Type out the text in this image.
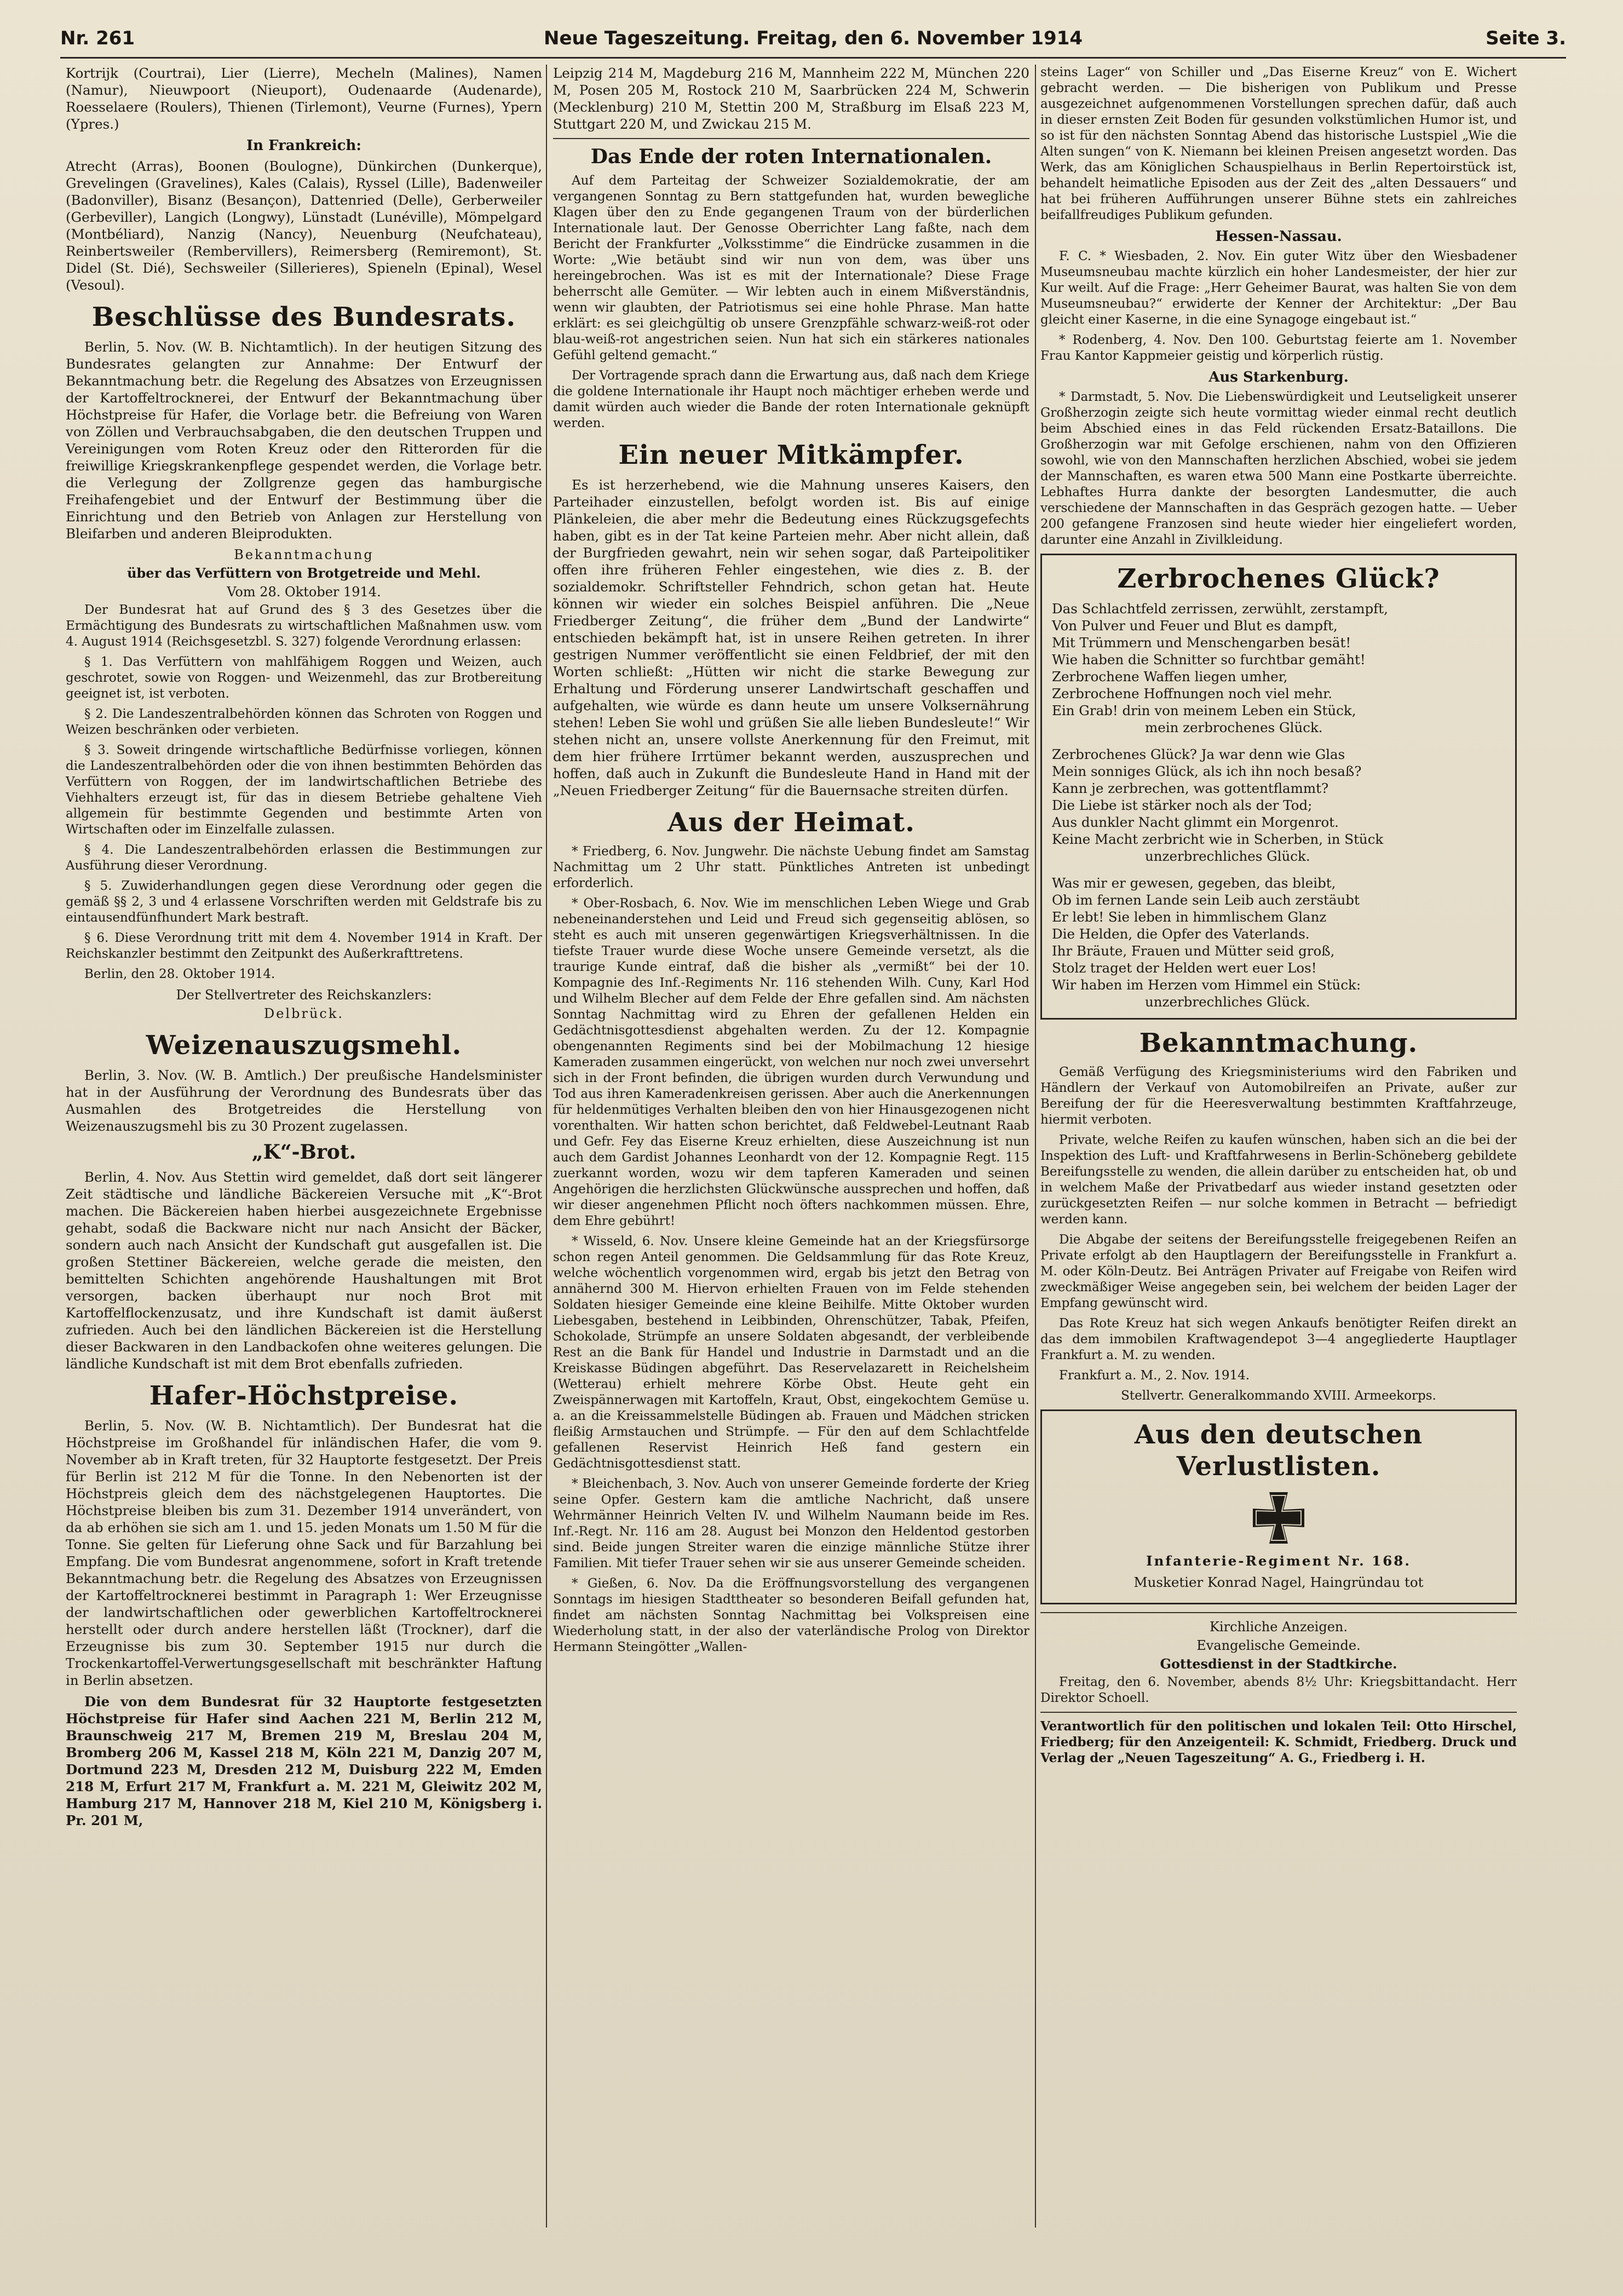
Nr. 261	Neue Tageszeitung. Freitag, den 6. November 1914	Seite 3.

Kortrijk (Courtrai), Lier (Lierre), Mecheln (Malines), Namen (Namur), Nieuwpoort (Nieuport), Oudenaarde (Audenarde), Roesselaere (Roulers), Thienen (Tirlemont), Veurne (Furnes), Ypern (Ypres.)

In Frankreich:

Atrecht (Arras), Boonen (Boulogne), Dünkirchen (Dunkerque), Grevelingen (Gravelines), Kales (Calais), Ryssel (Lille), Badenweiler (Badonviller), Bisanz (Besançon), Dattenried (Delle), Gerberweiler (Gerbeviller), Langich (Longwy), Lünstadt (Lunéville), Mömpelgard (Montbéliard), Nanzig (Nancy), Neuenburg (Neufchateau), Reinbertsweiler (Rembervillers), Reimersberg (Remiremont), St. Didel (St. Dié), Sechsweiler (Sillerieres), Spieneln (Epinal), Wesel (Vesoul).

Beschlüsse des Bundesrats.

Berlin, 5. Nov. (W. B. Nichtamtlich). In der heutigen Sitzung des Bundesrates gelangten zur Annahme: Der Entwurf der Bekanntmachung betr. die Regelung des Absatzes von Erzeugnissen der Kartoffeltrocknerei, der Entwurf der Bekanntmachung über Höchstpreise für Hafer, die Vorlage betr. die Befreiung von Waren von Zöllen und Verbrauchsabgaben, die den deutschen Truppen und Vereinigungen vom Roten Kreuz oder den Ritterorden für die freiwillige Kriegskrankenpflege gespendet werden, die Vorlage betr. die Verlegung der Zollgrenze gegen das hamburgische Freihafengebiet und der Entwurf der Bestimmung über die Einrichtung und den Betrieb von Anlagen zur Herstellung von Bleifarben und anderen Bleiprodukten.

Bekanntmachung
über das Verfüttern von Brotgetreide und Mehl.
Vom 28. Oktober 1914.

Der Bundesrat hat auf Grund des § 3 des Gesetzes über die Ermächtigung des Bundesrats zu wirtschaftlichen Maßnahmen usw. vom 4. August 1914 (Reichsgesetzbl. S. 327) folgende Verordnung erlassen:

§ 1. Das Verfüttern von mahlfähigem Roggen und Weizen, auch geschrotet, sowie von Roggen- und Weizenmehl, das zur Brotbereitung geeignet ist, ist verboten.

§ 2. Die Landeszentralbehörden können das Schroten von Roggen und Weizen beschränken oder verbieten.

§ 3. Soweit dringende wirtschaftliche Bedürfnisse vorliegen, können die Landeszentralbehörden oder die von ihnen bestimmten Behörden das Verfüttern von Roggen, der im landwirtschaftlichen Betriebe des Viehhalters erzeugt ist, für das in diesem Betriebe gehaltene Vieh allgemein für bestimmte Gegenden und bestimmte Arten von Wirtschaften oder im Einzelfalle zulassen.

§ 4. Die Landeszentralbehörden erlassen die Bestimmungen zur Ausführung dieser Verordnung.

§ 5. Zuwiderhandlungen gegen diese Verordnung oder gegen die gemäß §§ 2, 3 und 4 erlassene Vorschriften werden mit Geldstrafe bis zu eintausendfünfhundert Mark bestraft.

§ 6. Diese Verordnung tritt mit dem 4. November 1914 in Kraft. Der Reichskanzler bestimmt den Zeitpunkt des Außerkrafttretens.

Berlin, den 28. Oktober 1914.

Der Stellvertreter des Reichskanzlers:
Delbrück.
Weizenauszugsmehl.

Berlin, 3. Nov. (W. B. Amtlich.) Der preußische Handelsminister hat in der Ausführung der Verordnung des Bundesrats über das Ausmahlen des Brotgetreides die Herstellung von Weizenauszugsmehl bis zu 30 Prozent zugelassen.

„K“-Brot.

Berlin, 4. Nov. Aus Stettin wird gemeldet, daß dort seit längerer Zeit städtische und ländliche Bäckereien Versuche mit „K“-Brot machen. Die Bäckereien haben hierbei ausgezeichnete Ergebnisse gehabt, sodaß die Backware nicht nur nach Ansicht der Bäcker, sondern auch nach Ansicht der Kundschaft gut ausgefallen ist. Die großen Stettiner Bäckereien, welche gerade die meisten, den bemittelten Schichten angehörende Haushaltungen mit Brot versorgen, backen überhaupt nur noch Brot mit Kartoffelflockenzusatz, und ihre Kundschaft ist damit äußerst zufrieden. Auch bei den ländlichen Bäckereien ist die Herstellung dieser Backwaren in den Landbackofen ohne weiteres gelungen. Die ländliche Kundschaft ist mit dem Brot ebenfalls zufrieden.

Hafer-Höchstpreise.

Berlin, 5. Nov. (W. B. Nichtamtlich). Der Bundesrat hat die Höchstpreise im Großhandel für inländischen Hafer, die vom 9. November ab in Kraft treten, für 32 Hauptorte festgesetzt. Der Preis für Berlin ist 212 M für die Tonne. In den Nebenorten ist der Höchstpreis gleich dem des nächstgelegenen Hauptortes. Die Höchstpreise bleiben bis zum 31. Dezember 1914 unverändert, von da ab erhöhen sie sich am 1. und 15. jeden Monats um 1.50 M für die Tonne. Sie gelten für Lieferung ohne Sack und für Barzahlung bei Empfang. Die vom Bundesrat angenommene, sofort in Kraft tretende Bekanntmachung betr. die Regelung des Absatzes von Erzeugnissen der Kartoffeltrocknerei bestimmt in Paragraph 1: Wer Erzeugnisse der landwirtschaftlichen oder gewerblichen Kartoffeltrocknerei herstellt oder durch andere herstellen läßt (Trockner), darf die Erzeugnisse bis zum 30. September 1915 nur durch die Trockenkartoffel-Verwertungsgesellschaft mit beschränkter Haftung in Berlin absetzen.

Die von dem Bundesrat für 32 Hauptorte festgesetzten Höchstpreise für Hafer sind Aachen 221 M, Berlin 212 M, Braunschweig 217 M, Bremen 219 M, Breslau 204 M, Bromberg 206 M, Kassel 218 M, Köln 221 M, Danzig 207 M, Dortmund 223 M, Dresden 212 M, Duisburg 222 M, Emden 218 M, Erfurt 217 M, Frankfurt a. M. 221 M, Gleiwitz 202 M, Hamburg 217 M, Hannover 218 M, Kiel 210 M, Königsberg i. Pr. 201 M,

Leipzig 214 M, Magdeburg 216 M, Mannheim 222 M, München 220 M, Posen 205 M, Rostock 210 M, Saarbrücken 224 M, Schwerin (Mecklenburg) 210 M, Stettin 200 M, Straßburg im Elsaß 223 M, Stuttgart 220 M, und Zwickau 215 M.

Das Ende der roten Internationalen.

Auf dem Parteitag der Schweizer Sozialdemokratie, der am vergangenen Sonntag zu Bern stattgefunden hat, wurden bewegliche Klagen über den zu Ende gegangenen Traum von der bürderlichen Internationale laut. Der Genosse Oberrichter Lang faßte, nach dem Bericht der Frankfurter „Volksstimme“ die Eindrücke zusammen in die Worte: „Wie betäubt sind wir nun von dem, was über uns hereingebrochen. Was ist es mit der Internationale? Diese Frage beherrscht alle Gemüter. — Wir lebten auch in einem Mißverständnis, wenn wir glaubten, der Patriotismus sei eine hohle Phrase. Man hatte erklärt: es sei gleichgültig ob unsere Grenzpfähle schwarz-weiß-rot oder blau-weiß-rot angestrichen seien. Nun hat sich ein stärkeres nationales Gefühl geltend gemacht.“

Der Vortragende sprach dann die Erwartung aus, daß nach dem Kriege die goldene Internationale ihr Haupt noch mächtiger erheben werde und damit würden auch wieder die Bande der roten Internationale geknüpft werden.

Ein neuer Mitkämpfer.

Es ist herzerhebend, wie die Mahnung unseres Kaisers, den Parteihader einzustellen, befolgt worden ist. Bis auf einige Plänkeleien, die aber mehr die Bedeutung eines Rückzugsgefechts haben, gibt es in der Tat keine Parteien mehr. Aber nicht allein, daß der Burgfrieden gewahrt, nein wir sehen sogar, daß Parteipolitiker offen ihre früheren Fehler eingestehen, wie dies z. B. der sozialdemokr. Schriftsteller Fehndrich, schon getan hat. Heute können wir wieder ein solches Beispiel anführen. Die „Neue Friedberger Zeitung“, die früher dem „Bund der Landwirte“ entschieden bekämpft hat, ist in unsere Reihen getreten. In ihrer gestrigen Nummer veröffentlicht sie einen Feldbrief, der mit den Worten schließt: „Hütten wir nicht die starke Bewegung zur Erhaltung und Förderung unserer Landwirtschaft geschaffen und aufgehalten, wie würde es dann heute um unsere Volksernährung stehen! Leben Sie wohl und grüßen Sie alle lieben Bundesleute!“ Wir stehen nicht an, unsere vollste Anerkennung für den Freimut, mit dem hier frühere Irrtümer bekannt werden, auszusprechen und hoffen, daß auch in Zukunft die Bundesleute Hand in Hand mit der „Neuen Friedberger Zeitung“ für die Bauernsache streiten dürfen.

Aus der Heimat.

* Friedberg, 6. Nov. Jungwehr. Die nächste Uebung findet am Samstag Nachmittag um 2 Uhr statt. Pünktliches Antreten ist unbedingt erforderlich.

* Ober-Rosbach, 6. Nov. Wie im menschlichen Leben Wiege und Grab nebeneinanderstehen und Leid und Freud sich gegenseitig ablösen, so steht es auch mit unseren gegenwärtigen Kriegsverhältnissen. In die tiefste Trauer wurde diese Woche unsere Gemeinde versetzt, als die traurige Kunde eintraf, daß die bisher als „vermißt“ bei der 10. Kompagnie des Inf.-Regiments Nr. 116 stehenden Wilh. Cuny, Karl Hod und Wilhelm Blecher auf dem Felde der Ehre gefallen sind. Am nächsten Sonntag Nachmittag wird zu Ehren der gefallenen Helden ein Gedächtnisgottesdienst abgehalten werden. Zu der 12. Kompagnie obengenannten Regiments sind bei der Mobilmachung 12 hiesige Kameraden zusammen eingerückt, von welchen nur noch zwei unversehrt sich in der Front befinden, die übrigen wurden durch Verwundung und Tod aus ihren Kameradenkreisen gerissen. Aber auch die Anerkennungen für heldenmütiges Verhalten bleiben den von hier Hinausgezogenen nicht vorenthalten. Wir hatten schon berichtet, daß Feldwebel-Leutnant Raab und Gefr. Fey das Eiserne Kreuz erhielten, diese Auszeichnung ist nun auch dem Gardist Johannes Leonhardt von der 12. Kompagnie Regt. 115 zuerkannt worden, wozu wir dem tapferen Kameraden und seinen Angehörigen die herzlichsten Glückwünsche aussprechen und hoffen, daß wir dieser angenehmen Pflicht noch öfters nachkommen müssen. Ehre, dem Ehre gebührt!

* Wisseld, 6. Nov. Unsere kleine Gemeinde hat an der Kriegsfürsorge schon regen Anteil genommen. Die Geldsammlung für das Rote Kreuz, welche wöchentlich vorgenommen wird, ergab bis jetzt den Betrag von annähernd 300 M. Hiervon erhielten Frauen von im Felde stehenden Soldaten hiesiger Gemeinde eine kleine Beihilfe. Mitte Oktober wurden Liebesgaben, bestehend in Leibbinden, Ohrenschützer, Tabak, Pfeifen, Schokolade, Strümpfe an unsere Soldaten abgesandt, der verbleibende Rest an die Bank für Handel und Industrie in Darmstadt und an die Kreiskasse Büdingen abgeführt. Das Reservelazarett in Reichelsheim (Wetterau) erhielt mehrere Körbe Obst. Heute geht ein Zweispännerwagen mit Kartoffeln, Kraut, Obst, eingekochtem Gemüse u. a. an die Kreissammelstelle Büdingen ab. Frauen und Mädchen stricken fleißig Armstauchen und Strümpfe. — Für den auf dem Schlachtfelde gefallenen Reservist Heinrich Heß fand gestern ein Gedächtnisgottesdienst statt.

* Bleichenbach, 3. Nov. Auch von unserer Gemeinde forderte der Krieg seine Opfer. Gestern kam die amtliche Nachricht, daß unsere Wehrmänner Heinrich Velten IV. und Wilhelm Naumann beide im Res. Inf.-Regt. Nr. 116 am 28. August bei Monzon den Heldentod gestorben sind. Beide jungen Streiter waren die einzige männliche Stütze ihrer Familien. Mit tiefer Trauer sehen wir sie aus unserer Gemeinde scheiden.

* Gießen, 6. Nov. Da die Eröffnungsvorstellung des vergangenen Sonntags im hiesigen Stadttheater so besonderen Beifall gefunden hat, findet am nächsten Sonntag Nachmittag bei Volkspreisen eine Wiederholung statt, in der also der vaterländische Prolog von Direktor Hermann Steingötter „Wallen-

steins Lager“ von Schiller und „Das Eiserne Kreuz“ von E. Wichert gebracht werden. — Die bisherigen von Publikum und Presse ausgezeichnet aufgenommenen Vorstellungen sprechen dafür, daß auch in dieser ernsten Zeit Boden für gesunden volkstümlichen Humor ist, und so ist für den nächsten Sonntag Abend das historische Lustspiel „Wie die Alten sungen“ von K. Niemann bei kleinen Preisen angesetzt worden. Das Werk, das am Königlichen Schauspielhaus in Berlin Repertoirstück ist, behandelt heimatliche Episoden aus der Zeit des „alten Dessauers“ und hat bei früheren Aufführungen unserer Bühne stets ein zahlreiches beifallfreudiges Publikum gefunden.

Hessen-Nassau.

F. C. * Wiesbaden, 2. Nov. Ein guter Witz über den Wiesbadener Museumsneubau machte kürzlich ein hoher Landesmeister, der hier zur Kur weilt. Auf die Frage: „Herr Geheimer Baurat, was halten Sie von dem Museumsneubau?“ erwiderte der Kenner der Architektur: „Der Bau gleicht einer Kaserne, in die eine Synagoge eingebaut ist.“

* Rodenberg, 4. Nov. Den 100. Geburtstag feierte am 1. November Frau Kantor Kappmeier geistig und körperlich rüstig.

Aus Starkenburg.

* Darmstadt, 5. Nov. Die Liebenswürdigkeit und Leutseligkeit unserer Großherzogin zeigte sich heute vormittag wieder einmal recht deutlich beim Abschied eines in das Feld rückenden Ersatz-Bataillons. Die Großherzogin war mit Gefolge erschienen, nahm von den Offizieren sowohl, wie von den Mannschaften herzlichen Abschied, wobei sie jedem der Mannschaften, es waren etwa 500 Mann eine Postkarte überreichte. Lebhaftes Hurra dankte der besorgten Landesmutter, die auch verschiedene der Mannschaften in das Gespräch gezogen hatte. — Ueber 200 gefangene Franzosen sind heute wieder hier eingeliefert worden, darunter eine Anzahl in Zivilkleidung.

Zerbrochenes Glück?

Das Schlachtfeld zerrissen, zerwühlt, zerstampft,

Von Pulver und Feuer und Blut es dampft,

Mit Trümmern und Menschengarben besät!

Wie haben die Schnitter so furchtbar gemäht!

Zerbrochene Waffen liegen umher,

Zerbrochene Hoffnungen noch viel mehr.

Ein Grab! drin von meinem Leben ein Stück,

mein zerbrochenes Glück.

Zerbrochenes Glück? Ja war denn wie Glas

Mein sonniges Glück, als ich ihn noch besaß?

Kann je zerbrechen, was gottentflammt?

Die Liebe ist stärker noch als der Tod;

Aus dunkler Nacht glimmt ein Morgenrot.

Keine Macht zerbricht wie in Scherben, in Stück

unzerbrechliches Glück.

Was mir er gewesen, gegeben, das bleibt,

Ob im fernen Lande sein Leib auch zerstäubt

Er lebt! Sie leben in himmlischem Glanz

Die Helden, die Opfer des Vaterlands.

Ihr Bräute, Frauen und Mütter seid groß,

Stolz traget der Helden wert euer Los!

Wir haben im Herzen vom Himmel ein Stück:

unzerbrechliches Glück.

Bekanntmachung.

Gemäß Verfügung des Kriegsministeriums wird den Fabriken und Händlern der Verkauf von Automobilreifen an Private, außer zur Bereifung der für die Heeresverwaltung bestimmten Kraftfahrzeuge, hiermit verboten.

Private, welche Reifen zu kaufen wünschen, haben sich an die bei der Inspektion des Luft- und Kraftfahrwesens in Berlin-Schöneberg gebildete Bereifungsstelle zu wenden, die allein darüber zu entscheiden hat, ob und in welchem Maße der Privatbedarf aus wieder instand gesetzten oder zurückgesetzten Reifen — nur solche kommen in Betracht — befriedigt werden kann.

Die Abgabe der seitens der Bereifungsstelle freigegebenen Reifen an Private erfolgt ab den Hauptlagern der Bereifungsstelle in Frankfurt a. M. oder Köln-Deutz. Bei Anträgen Privater auf Freigabe von Reifen wird zweckmäßiger Weise angegeben sein, bei welchem der beiden Lager der Empfang gewünscht wird.

Das Rote Kreuz hat sich wegen Ankaufs benötigter Reifen direkt an das dem immobilen Kraftwagendepot 3—4 angegliederte Hauptlager Frankfurt a. M. zu wenden.

Frankfurt a. M., 2. Nov. 1914.

Stellvertr. Generalkommando XVIII. Armeekorps.

Aus den deutschen Verlustlisten.

Infanterie-Regiment Nr. 168.

Musketier Konrad Nagel, Haingründau tot

Kirchliche Anzeigen.
Evangelische Gemeinde.
Gottesdienst in der Stadtkirche.

Freitag, den 6. November, abends 8½ Uhr: Kriegsbittandacht. Herr Direktor Schoell.

Verantwortlich für den politischen und lokalen Teil: Otto Hirschel, Friedberg; für den Anzeigenteil: K. Schmidt, Friedberg. Druck und Verlag der „Neuen Tageszeitung“ A. G., Friedberg i. H.
